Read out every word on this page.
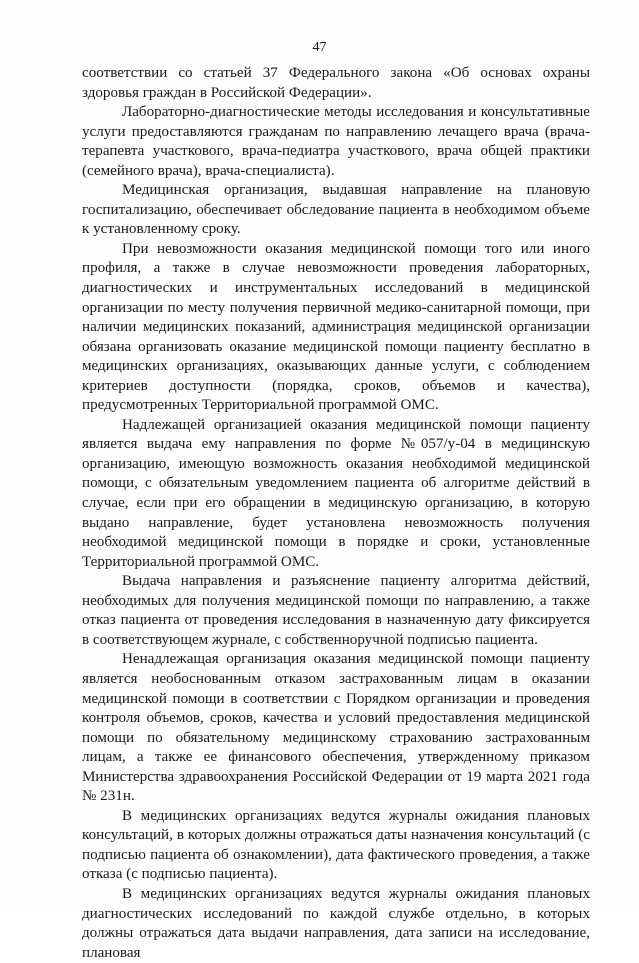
47

соответствии со статьей 37 Федерального закона «Об основах охраны здоровья граждан в Российской Федерации».

Лабораторно-диагностические методы исследования и консультативные услуги предоставляются гражданам по направлению лечащего врача (врача-терапевта участкового, врача-педиатра участкового, врача общей практики (семейного врача), врача-специалиста).

Медицинская организация, выдавшая направление на плановую госпитализацию, обеспечивает обследование пациента в необходимом объеме к установленному сроку.

При невозможности оказания медицинской помощи того или иного профиля, а также в случае невозможности проведения лабораторных, диагностических и инструментальных исследований в медицинской организации по месту получения первичной медико-санитарной помощи, при наличии медицинских показаний, администрация медицинской организации обязана организовать оказание медицинской помощи пациенту бесплатно в медицинских организациях, оказывающих данные услуги, с соблюдением критериев доступности (порядка, сроков, объемов и качества), предусмотренных Территориальной программой ОМС.

Надлежащей организацией оказания медицинской помощи пациенту является выдача ему направления по форме №057/у-04 в медицинскую организацию, имеющую возможность оказания необходимой медицинской помощи, с обязательным уведомлением пациента об алгоритме действий в случае, если при его обращении в медицинскую организацию, в которую выдано направление, будет установлена невозможность получения необходимой медицинской помощи в порядке и сроки, установленные Территориальной программой ОМС.

Выдача направления и разъяснение пациенту алгоритма действий, необходимых для получения медицинской помощи по направлению, а также отказ пациента от проведения исследования в назначенную дату фиксируется в соответствующем журнале, с собственноручной подписью пациента.

Ненадлежащая организация оказания медицинской помощи пациенту является необоснованным отказом застрахованным лицам в оказании медицинской помощи в соответствии с Порядком организации и проведения контроля объемов, сроков, качества и условий предоставления медицинской помощи по обязательному медицинскому страхованию застрахованным лицам, а также ее финансового обеспечения, утвержденному приказом Министерства здравоохранения Российской Федерации от 19 марта 2021 года № 231н.

В медицинских организациях ведутся журналы ожидания плановых консультаций, в которых должны отражаться даты назначения консультаций (с подписью пациента об ознакомлении), дата фактического проведения, а также отказа (с подписью пациента).

В медицинских организациях ведутся журналы ожидания плановых диагностических исследований по каждой службе отдельно, в которых должны отражаться дата выдачи направления, дата записи на исследование, плановая
